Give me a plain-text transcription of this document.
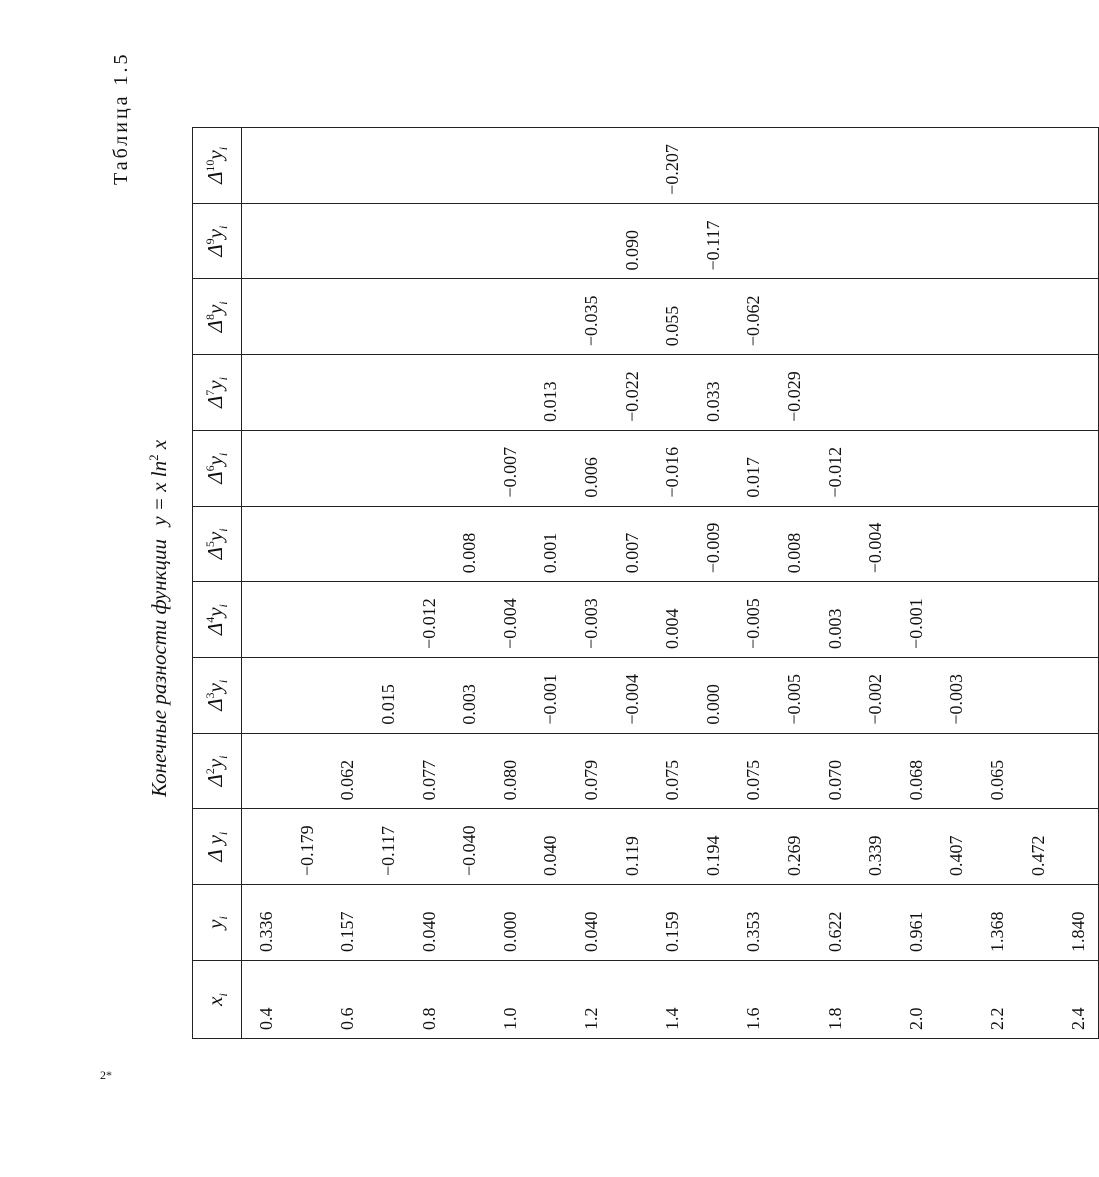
Таблица 1.5
Конечные разности функции y = x $\ln^2 x$
$x_i$	$y_i$	Δ $y_i$	$\Delta^2y_i$	$\Delta^3y_i$	$\Delta^4y_i$	$\Delta^5y_i$	$\Delta^6y_i$	$\Delta^7y_i$	$\Delta^8y_i$	$\Delta^9y_i$	$\Delta^{10}y_i$
0.4	0.336										
		−0.179									
0.6	0.157		0.062								
		−0.117		0.015							
0.8	0.040		0.077		−0.012						
		−0.040		0.003		0.008					
1.0	0.000		0.080		−0.004		−0.007				
		0.040		−0.001		0.001		0.013			
1.2	0.040		0.079		−0.003		0.006		−0.035		
		0.119		−0.004		0.007		−0.022		0.090	
1.4	0.159		0.075		0.004		−0.016		0.055		−0.207
		0.194		0.000		−0.009		0.033		−0.117	
1.6	0.353		0.075		−0.005		0.017		−0.062		
		0.269		−0.005		0.008		−0.029			
1.8	0.622		0.070		0.003		−0.012				
		0.339		−0.002		−0.004					
2.0	0.961		0.068		−0.001						
		0.407		−0.003							
2.2	1.368		0.065								
		0.472									
2.4	1.840										
2*
